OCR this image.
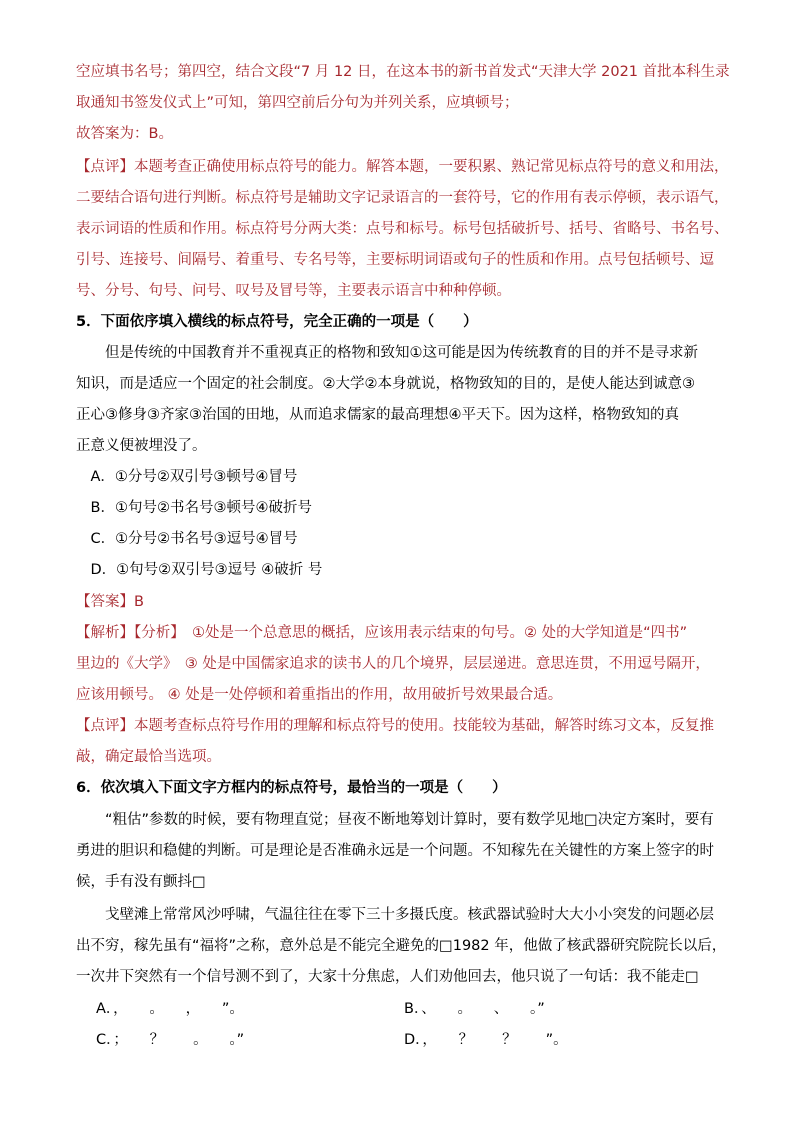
空应填书名号；第四空，结合文段“7 月 12 日，在这本书的新书首发式“天津大学 2021 首批本科生录
取通知书签发仪式上”可知，第四空前后分句为并列关系，应填顿号；
故答案为：B。
【点评】本题考查正确使用标点符号的能力。解答本题，一要积累、熟记常见标点符号的意义和用法，
二要结合语句进行判断。标点符号是辅助文字记录语言的一套符号，它的作用有表示停顿，表示语气，
表示词语的性质和作用。标点符号分两大类：点号和标号。标号包括破折号、括号、省略号、书名号、
引号、连接号、间隔号、着重号、专名号等，主要标明词语或句子的性质和作用。点号包括顿号、逗
号、分号、句号、问号、叹号及冒号等，主要表示语言中种种停顿。
5．下面依序填入横线的标点符号，完全正确的一项是（　　）
　　但是传统的中国教育并不重视真正的格物和致知①这可能是因为传统教育的目的并不是寻求新
知识，而是适应一个固定的社会制度。②大学②本身就说，格物致知的目的，是使人能达到诚意③
正心③修身③齐家③治国的田地，从而追求儒家的最高理想④平天下。因为这样，格物致知的真
正意义便被埋没了。
　A．①分号②双引号③顿号④冒号
　B．①句号②书名号③顿号④破折号
　C．①分号②书名号③逗号④冒号
　D．①句号②双引号③逗号 ④破折 号
【答案】B
【解析】【分析】　①处是一个总意思的概括，应该用表示结束的句号。② 处的大学知道是“四书”
里边的《大学》　③ 处是中国儒家追求的读书人的几个境界，层层递进。意思连贯，不用逗号隔开，
应该用顿号。 ④ 处是一处停顿和着重指出的作用，故用破折号效果最合适。
【点评】本题考查标点符号作用的理解和标点符号的使用。技能较为基础，解答时练习文本，反复推
敲，确定最恰当选项。
6．依次填入下面文字方框内的标点符号，最恰当的一项是（　　）
　　“粗估”参数的时候，要有物理直觉；昼夜不断地筹划计算时，要有数学见地□决定方案时，要有
勇进的胆识和稳健的判断。可是理论是否准确永远是一个问题。不知稼先在关键性的方案上签字的时
候，手有没有颤抖□
　　戈壁滩上常常风沙呼啸，气温往往在零下三十多摄氏度。核武器试验时大大小小突发的问题必层
出不穷，稼先虽有“福将”之称，意外总是不能完全避免的□1982 年，他做了核武器研究院院长以后，
一次井下突然有一个信号测不到了，大家十分焦虑，人们劝他回去，他只说了一句话：我不能走□
A．，　　。　　，　　”。	B．、　　。　　、　　。”
C．；　　？　　。　　。”	D．，　　？　　？　　”。
